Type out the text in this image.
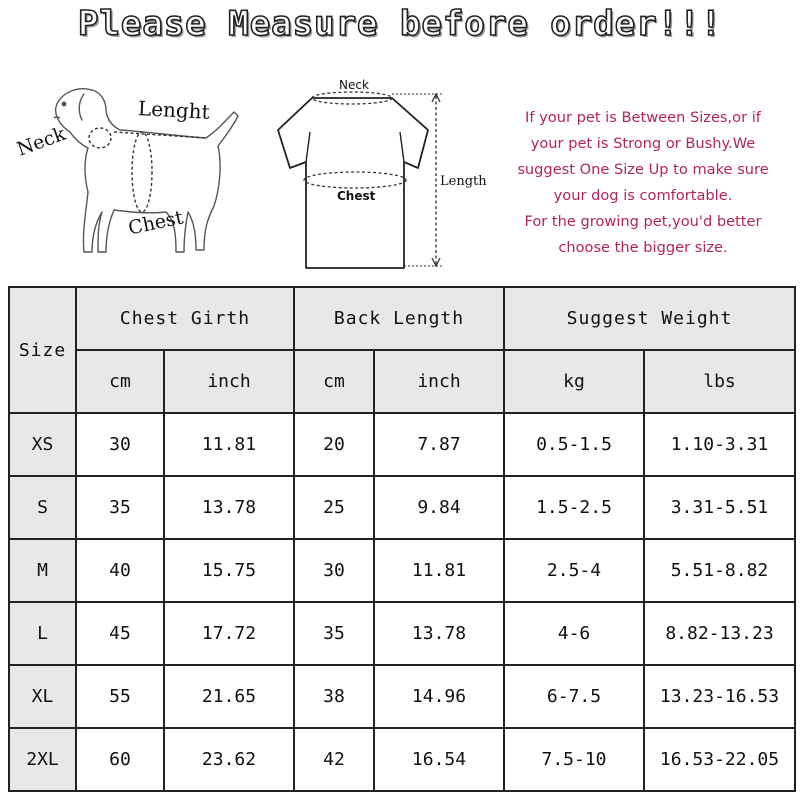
Please Measure before order!!!
Neck
Lenght
Chest
Neck
Chest
Length
If your pet is Between Sizes,or if
your pet is Strong or Bushy.We
suggest One Size Up to make sure
your dog is comfortable.
For the growing pet,you'd better
choose the bigger size.
Size	Chest Girth		Back Length		Suggest Weight	
	cm	inch	cm	inch	kg	lbs
XS	30	11.81	20	7.87	0.5-1.5	1.10-3.31
S	35	13.78	25	9.84	1.5-2.5	3.31-5.51
M	40	15.75	30	11.81	2.5-4	5.51-8.82
L	45	17.72	35	13.78	4-6	8.82-13.23
XL	55	21.65	38	14.96	6-7.5	13.23-16.53
2XL	60	23.62	42	16.54	7.5-10	16.53-22.05
